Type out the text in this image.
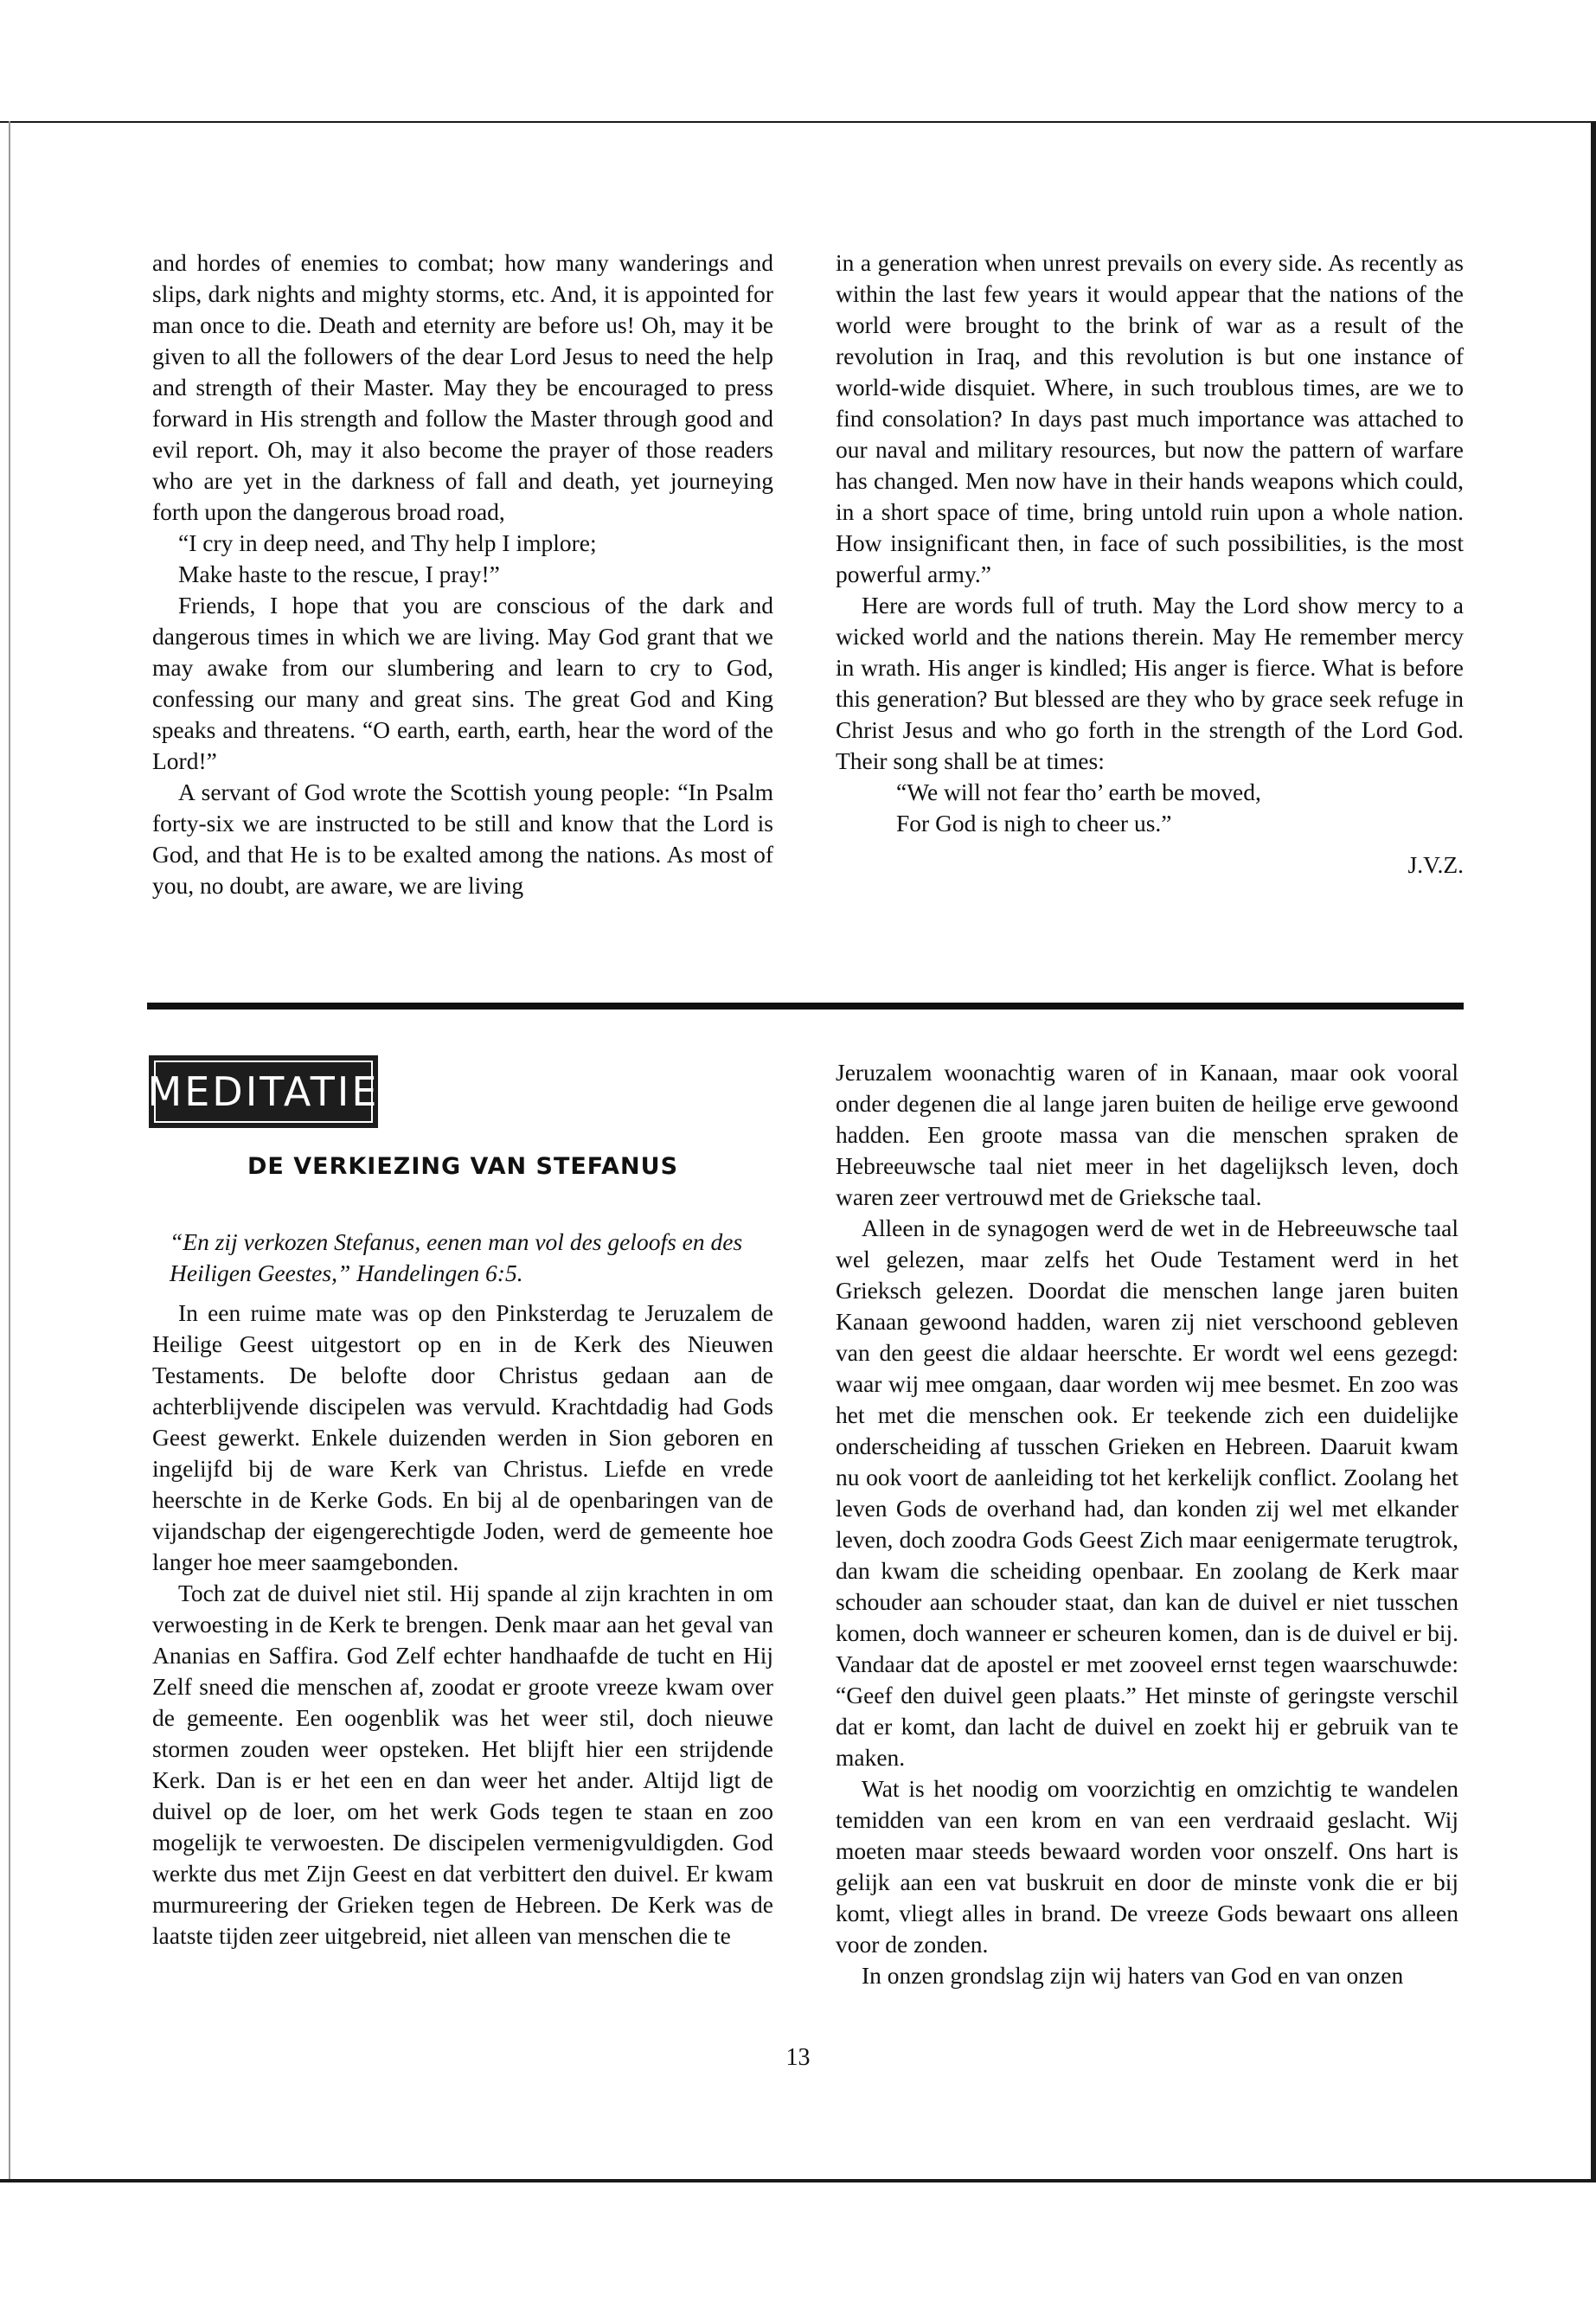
and hordes of enemies to combat; how many wanderings and slips, dark nights and mighty storms, etc. And, it is appointed for man once to die. Death and eternity are before us! Oh, may it be given to all the followers of the dear Lord Jesus to need the help and strength of their Master. May they be encouraged to press forward in His strength and follow the Master through good and evil report. Oh, may it also become the prayer of those readers who are yet in the darkness of fall and death, yet journeying forth upon the dangerous broad road,

“I cry in deep need, and Thy help I implore;

Make haste to the rescue, I pray!”

Friends, I hope that you are conscious of the dark and dangerous times in which we are living. May God grant that we may awake from our slumbering and learn to cry to God, confessing our many and great sins. The great God and King speaks and threatens. “O earth, earth, earth, hear the word of the Lord!”

A servant of God wrote the Scottish young people: “In Psalm forty-six we are instructed to be still and know that the Lord is God, and that He is to be exalted among the nations. As most of you, no doubt, are aware, we are living

in a generation when unrest prevails on every side. As recently as within the last few years it would appear that the nations of the world were brought to the brink of war as a result of the revolution in Iraq, and this revolution is but one instance of world-wide disquiet. Where, in such troublous times, are we to find consolation? In days past much importance was attached to our naval and military resources, but now the pattern of warfare has changed. Men now have in their hands weapons which could, in a short space of time, bring untold ruin upon a whole nation. How insignificant then, in face of such possibilities, is the most powerful army.”

Here are words full of truth. May the Lord show mercy to a wicked world and the nations therein. May He remember mercy in wrath. His anger is kindled; His anger is fierce. What is before this generation? But blessed are they who by grace seek refuge in Christ Jesus and who go forth in the strength of the Lord God. Their song shall be at times:

“We will not fear tho’ earth be moved,

For God is nigh to cheer us.”

J.V.Z.

MEDITATIE
DE VERKIEZING VAN STEFANUS
“En zij verkozen Stefanus, eenen man vol des geloofs en des Heiligen Geestes,” Handelingen 6:5.

In een ruime mate was op den Pinksterdag te Jeruzalem de Heilige Geest uitgestort op en in de Kerk des Nieuwen Testaments. De belofte door Christus gedaan aan de achterblijvende discipelen was vervuld. Krachtdadig had Gods Geest gewerkt. Enkele duizenden werden in Sion geboren en ingelijfd bij de ware Kerk van Christus. Liefde en vrede heerschte in de Kerke Gods. En bij al de openbaringen van de vijandschap der eigengerechtigde Joden, werd de gemeente hoe langer hoe meer saamgebonden.

Toch zat de duivel niet stil. Hij spande al zijn krachten in om verwoesting in de Kerk te brengen. Denk maar aan het geval van Ananias en Saffira. God Zelf echter handhaafde de tucht en Hij Zelf sneed die menschen af, zoodat er groote vreeze kwam over de gemeente. Een oogenblik was het weer stil, doch nieuwe stormen zouden weer opsteken. Het blijft hier een strijdende Kerk. Dan is er het een en dan weer het ander. Altijd ligt de duivel op de loer, om het werk Gods tegen te staan en zoo mogelijk te verwoesten. De discipelen vermenigvuldigden. God werkte dus met Zijn Geest en dat verbittert den duivel. Er kwam murmureering der Grieken tegen de Hebreen. De Kerk was de laatste tijden zeer uitgebreid, niet alleen van menschen die te

Jeruzalem woonachtig waren of in Kanaan, maar ook vooral onder degenen die al lange jaren buiten de heilige erve gewoond hadden. Een groote massa van die menschen spraken de Hebreeuwsche taal niet meer in het dagelijksch leven, doch waren zeer vertrouwd met de Grieksche taal.

Alleen in de synagogen werd de wet in de Hebreeuwsche taal wel gelezen, maar zelfs het Oude Testament werd in het Grieksch gelezen. Doordat die menschen lange jaren buiten Kanaan gewoond hadden, waren zij niet verschoond gebleven van den geest die aldaar heerschte. Er wordt wel eens gezegd: waar wij mee omgaan, daar worden wij mee besmet. En zoo was het met die menschen ook. Er teekende zich een duidelijke onderscheiding af tusschen Grieken en Hebreen. Daaruit kwam nu ook voort de aanleiding tot het kerkelijk conflict. Zoolang het leven Gods de overhand had, dan konden zij wel met elkander leven, doch zoodra Gods Geest Zich maar eenigermate terugtrok, dan kwam die scheiding openbaar. En zoolang de Kerk maar schouder aan schouder staat, dan kan de duivel er niet tusschen komen, doch wanneer er scheuren komen, dan is de duivel er bij. Vandaar dat de apostel er met zooveel ernst tegen waarschuwde: “Geef den duivel geen plaats.” Het minste of geringste verschil dat er komt, dan lacht de duivel en zoekt hij er gebruik van te maken.

Wat is het noodig om voorzichtig en omzichtig te wandelen temidden van een krom en van een verdraaid geslacht. Wij moeten maar steeds bewaard worden voor onszelf. Ons hart is gelijk aan een vat buskruit en door de minste vonk die er bij komt, vliegt alles in brand. De vreeze Gods bewaart ons alleen voor de zonden.

In onzen grondslag zijn wij haters van God en van onzen

13
